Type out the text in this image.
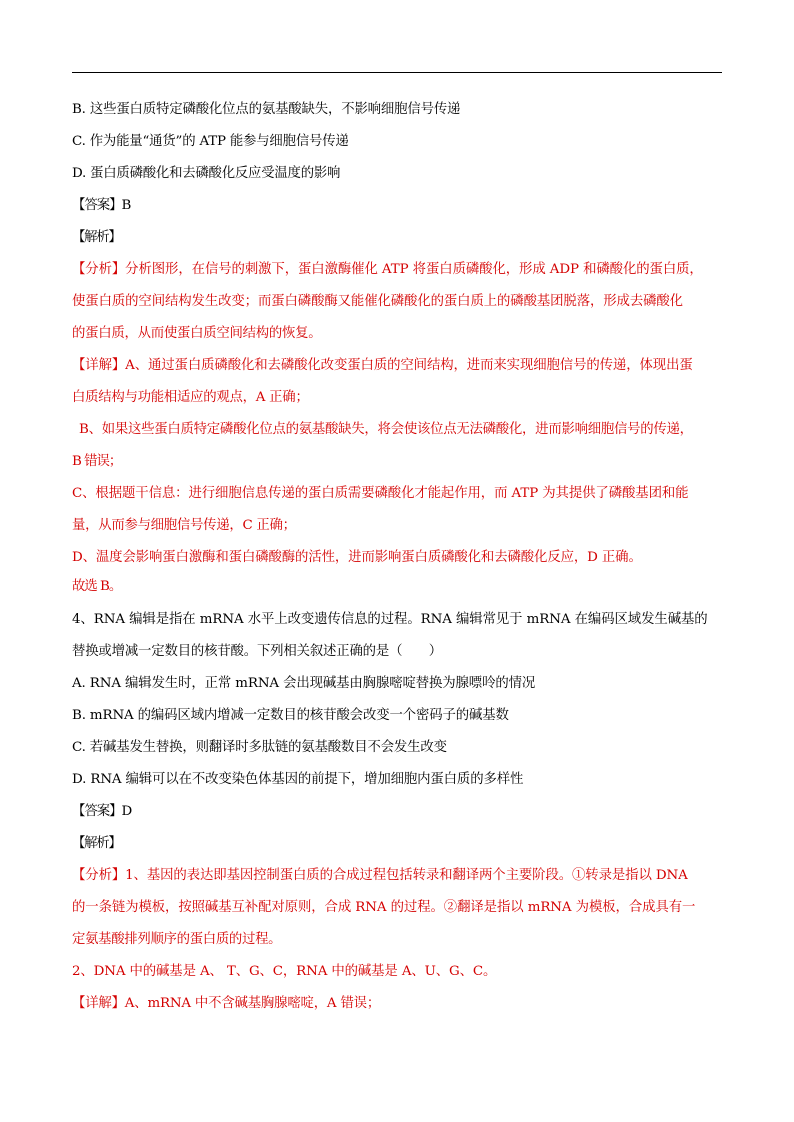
B. 这些蛋白质特定磷酸化位点的氨基酸缺失，不影响细胞信号传递
C. 作为能量“通货”的 ATP 能参与细胞信号传递
D. 蛋白质磷酸化和去磷酸化反应受温度的影响
【答案】B
【解析】
【分析】分析图形，在信号的刺激下，蛋白激酶催化 ATP 将蛋白质磷酸化，形成 ADP 和磷酸化的蛋白质，
使蛋白质的空间结构发生改变；而蛋白磷酸酶又能催化磷酸化的蛋白质上的磷酸基团脱落，形成去磷酸化
的蛋白质，从而使蛋白质空间结构的恢复。
【详解】A、通过蛋白质磷酸化和去磷酸化改变蛋白质的空间结构，进而来实现细胞信号的传递，体现出蛋
白质结构与功能相适应的观点，A 正确；
B、如果这些蛋白质特定磷酸化位点的氨基酸缺失，将会使该位点无法磷酸化，进而影响细胞信号的传递，
B 错误；
C、根据题干信息：进行细胞信息传递的蛋白质需要磷酸化才能起作用，而 ATP 为其提供了磷酸基团和能
量，从而参与细胞信号传递，C 正确；
D、温度会影响蛋白激酶和蛋白磷酸酶的活性，进而影响蛋白质磷酸化和去磷酸化反应，D 正确。
故选 B。
4、RNA 编辑是指在 mRNA 水平上改变遗传信息的过程。RNA 编辑常见于 mRNA 在编码区域发生碱基的
替换或增减一定数目的核苷酸。下列相关叙述正确的是（　　）
A. RNA 编辑发生时，正常 mRNA 会出现碱基由胸腺嘧啶替换为腺嘌呤的情况
B. mRNA 的编码区域内增减一定数目的核苷酸会改变一个密码子的碱基数
C. 若碱基发生替换，则翻译时多肽链的氨基酸数目不会发生改变
D. RNA 编辑可以在不改变染色体基因的前提下，增加细胞内蛋白质的多样性
【答案】D
【解析】
【分析】1、基因的表达即基因控制蛋白质的合成过程包括转录和翻译两个主要阶段。①转录是指以 DNA
的一条链为模板，按照碱基互补配对原则，合成 RNA 的过程。②翻译是指以 mRNA 为模板，合成具有一
定氨基酸排列顺序的蛋白质的过程。
2、DNA 中的碱基是 A、 T、G、C，RNA 中的碱基是 A、U、G、C。
【详解】A、mRNA 中不含碱基胸腺嘧啶，A 错误；
